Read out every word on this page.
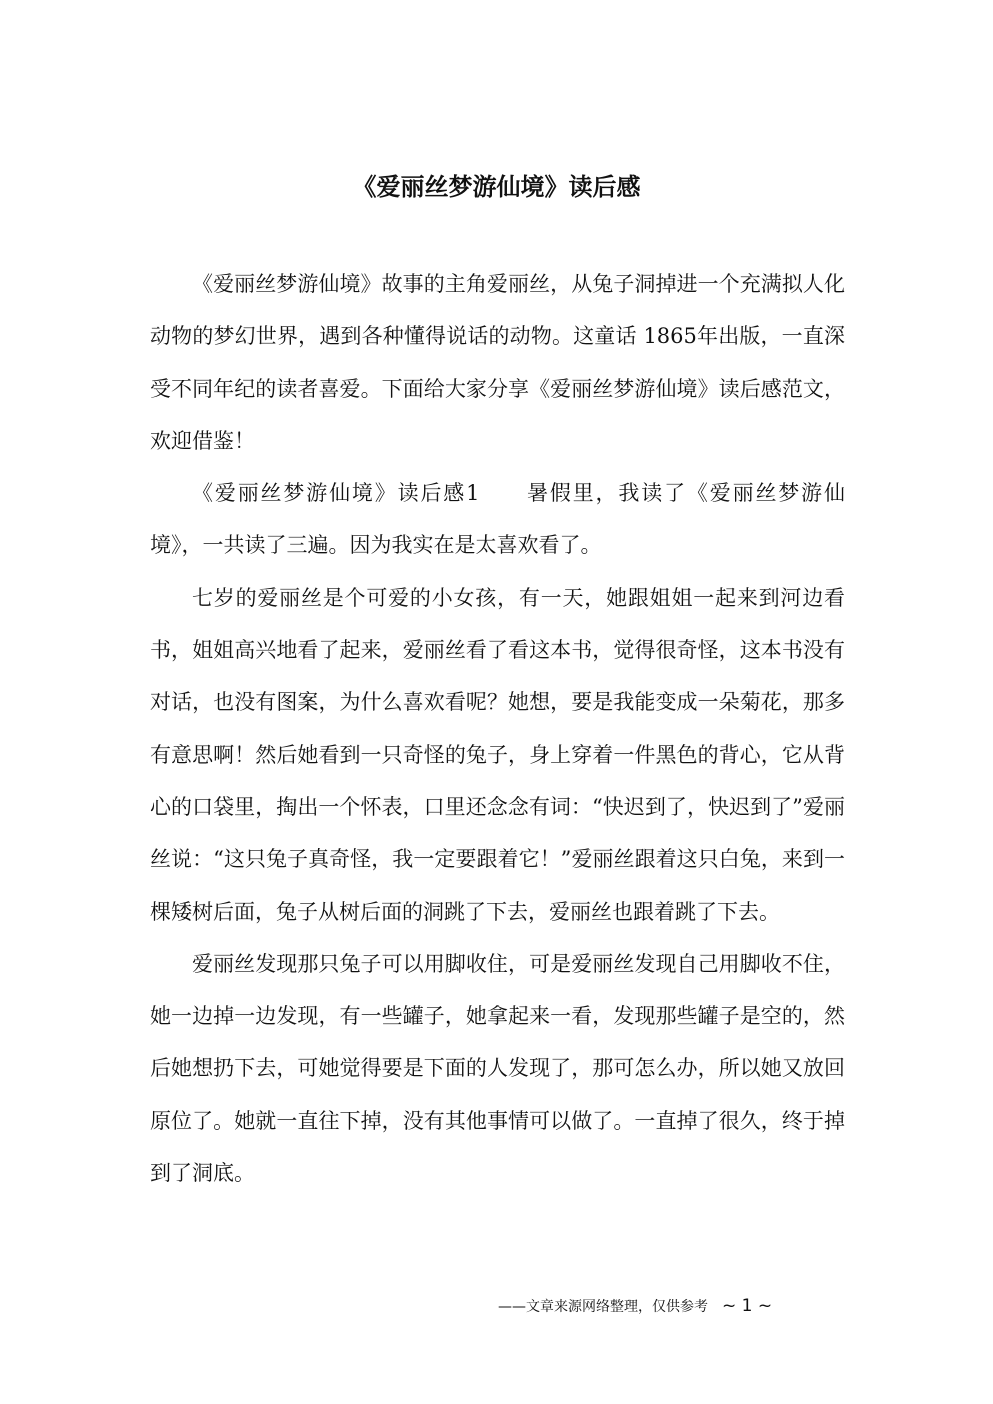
《爱丽丝梦游仙境》读后感

《爱丽丝梦游仙境》故事的主角爱丽丝，从兔子洞掉进一个充满拟人化动物的梦幻世界，遇到各种懂得说话的动物。这童话 1865年出版，一直深受不同年纪的读者喜爱。下面给大家分享《爱丽丝梦游仙境》读后感范文，欢迎借鉴！

《爱丽丝梦游仙境》读后感1　　暑假里，我读了《爱丽丝梦游仙境》，一共读了三遍。因为我实在是太喜欢看了。

七岁的爱丽丝是个可爱的小女孩，有一天，她跟姐姐一起来到河边看书，姐姐高兴地看了起来，爱丽丝看了看这本书，觉得很奇怪，这本书没有对话，也没有图案，为什么喜欢看呢？她想，要是我能变成一朵菊花，那多有意思啊！然后她看到一只奇怪的兔子，身上穿着一件黑色的背心，它从背心的口袋里，掏出一个怀表，口里还念念有词：“快迟到了，快迟到了”爱丽丝说：“这只兔子真奇怪，我一定要跟着它！”爱丽丝跟着这只白兔，来到一棵矮树后面，兔子从树后面的洞跳了下去，爱丽丝也跟着跳了下去。

爱丽丝发现那只兔子可以用脚收住，可是爱丽丝发现自己用脚收不住，她一边掉一边发现，有一些罐子，她拿起来一看，发现那些罐子是空的，然后她想扔下去，可她觉得要是下面的人发现了，那可怎么办，所以她又放回原位了。她就一直往下掉，没有其他事情可以做了。一直掉了很久，终于掉到了洞底。

——文章来源网络整理，仅供参考 ~ 1 ~
